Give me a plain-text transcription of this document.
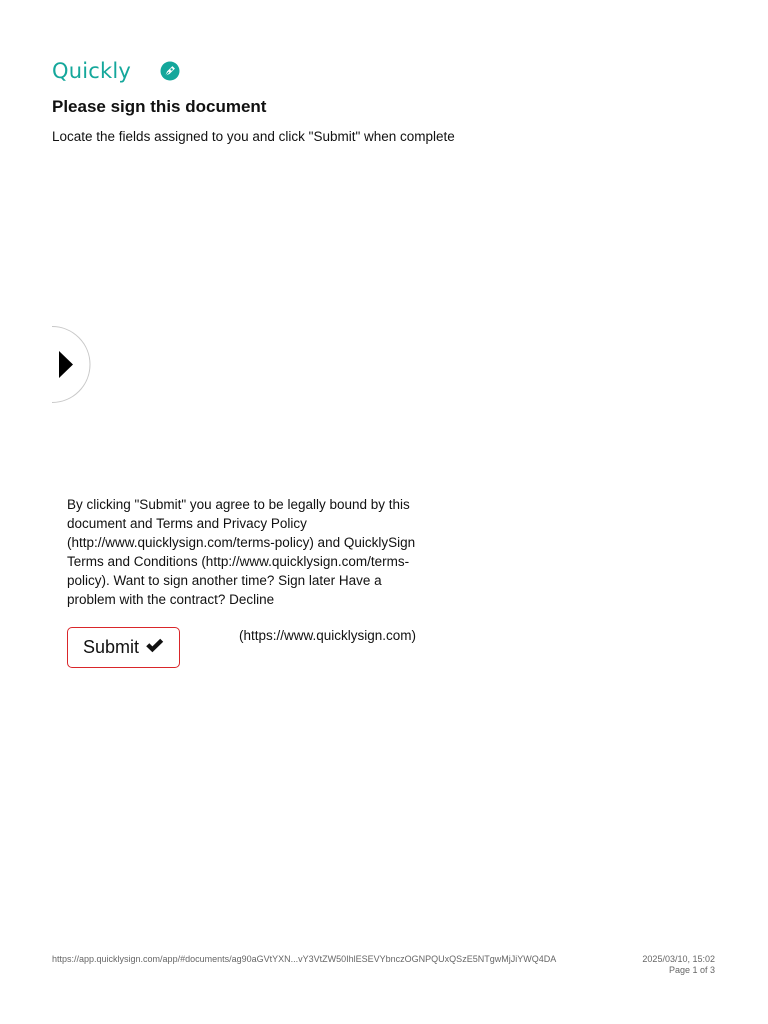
Quickly
Please sign this document
Locate the fields assigned to you and click "Submit" when complete
By clicking "Submit" you agree to be legally bound by this document and Terms and Privacy Policy (http://www.quicklysign.com/terms-policy) and QuicklySign Terms and Conditions (http://www.quicklysign.com/terms-policy). Want to sign another time? Sign later Have a problem with the contract? Decline
Submit
(https://www.quicklysign.com)
https://app.quicklysign.com/app/#documents/ag90aGVtYXN...vY3VtZW50IhlESEVYbnczOGNPQUxQSzE5NTgwMjJiYWQ4DA	2025/03/10, 15:02
Page 1 of 3
